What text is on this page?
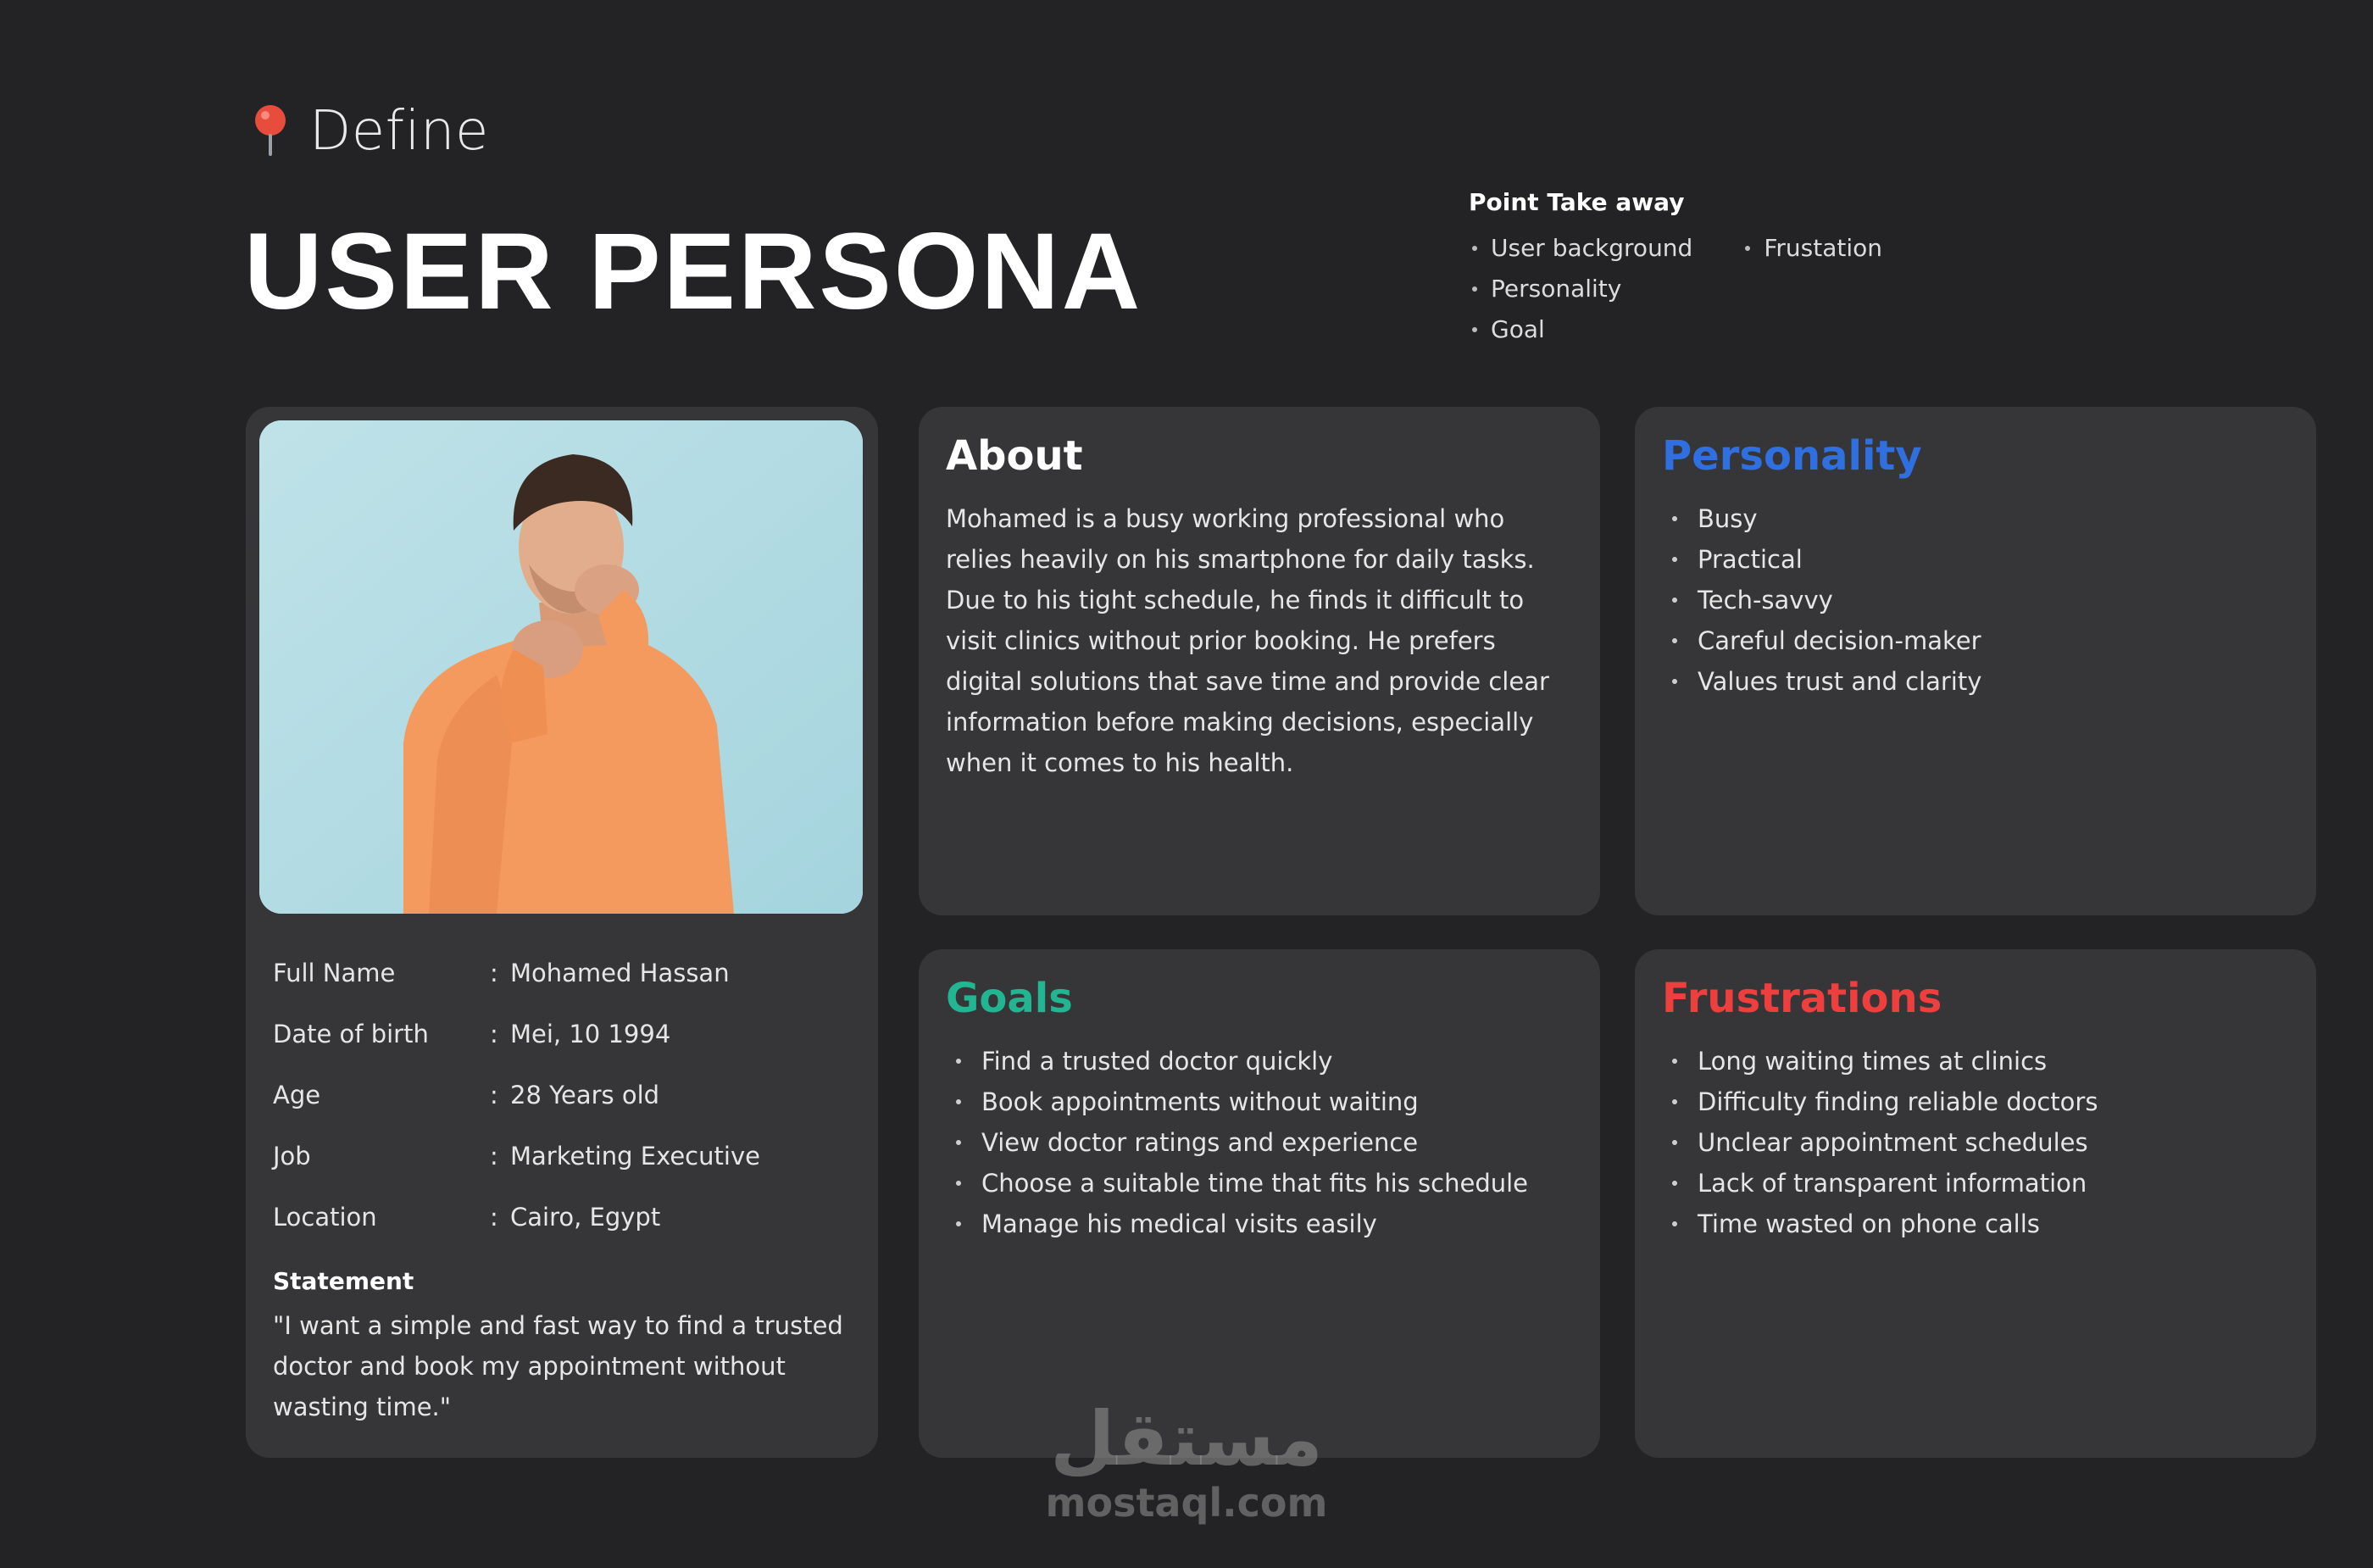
Define
USER PERSONA
Point Take away
User background
Personality
Goal
Frustation
Full Name	: Mohamed Hassan
Date of birth	: Mei, 10 1994
Age	: 28 Years old
Job	: Marketing Executive
Location	: Cairo, Egypt
Statement
"I want a simple and fast way to find a trusted doctor and book my appointment without wasting time."
About
Mohamed is a busy working professional who relies heavily on his smartphone for daily tasks. Due to his tight schedule, he finds it difficult to visit clinics without prior booking. He prefers digital solutions that save time and provide clear information before making decisions, especially when it comes to his health.
Personality
Busy
Practical
Tech-savvy
Careful decision-maker
Values trust and clarity
Goals
Find a trusted doctor quickly
Book appointments without waiting
View doctor ratings and experience
Choose a suitable time that fits his schedule
Manage his medical visits easily
Frustrations
Long waiting times at clinics
Difficulty finding reliable doctors
Unclear appointment schedules
Lack of transparent information
Time wasted on phone calls
مستقل
mostaql.com
